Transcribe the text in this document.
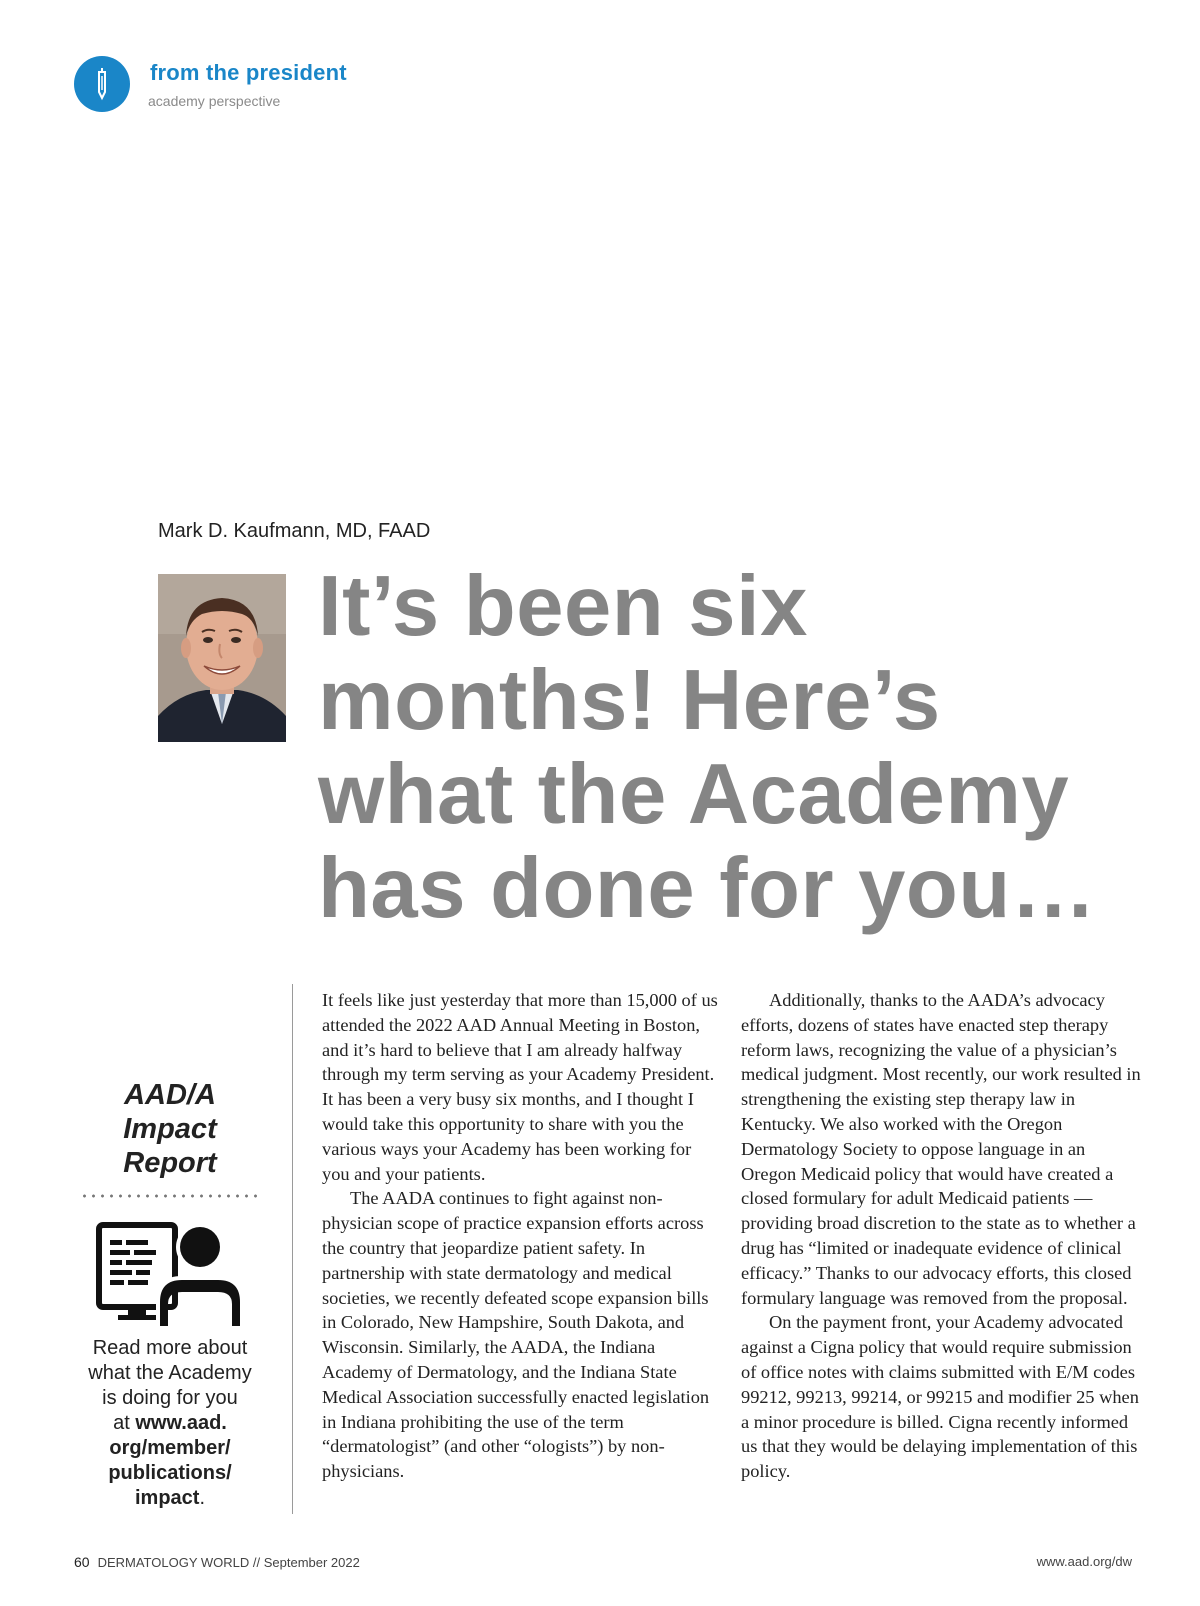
from the president
academy perspective
Mark D. Kaufmann, MD, FAAD
It’s been six
months! Here’s
what the Academy
has done for you…
AAD/A
Impact
Report
Read more about
what the Academy
is doing for you
at www.aad.
org/member/
publications/
impact.

It feels like just yesterday that more than 15,000 of us attended the 2022 AAD Annual Meeting in Boston, and it’s hard to believe that I am already halfway through my term serving as your Academy President. It has been a very busy six months, and I thought I would take this opportunity to share with you the various ways your Academy has been working for you and your patients.

The AADA continues to fight against non-physician scope of practice expansion efforts across the country that jeopardize patient safety. In partnership with state dermatology and medical societies, we recently defeated scope expansion bills in Colorado, New Hampshire, South Dakota, and Wisconsin. Similarly, the AADA, the Indiana Academy of Dermatology, and the Indiana State Medical Association successfully enacted legislation in Indiana prohibiting the use of the term “dermatologist” (and other “ologists”) by non-physicians.

Additionally, thanks to the AADA’s advocacy efforts, dozens of states have enacted step therapy reform laws, recognizing the value of a physician’s medical judgment. Most recently, our work resulted in strengthening the existing step therapy law in Kentucky. We also worked with the Oregon Dermatology Society to oppose language in an Oregon Medicaid policy that would have created a closed formulary for adult Medicaid patients — providing broad discretion to the state as to whether a drug has “limited or inadequate evidence of clinical efficacy.” Thanks to our advocacy efforts, this closed formulary language was removed from the proposal.

On the payment front, your Academy advocated against a Cigna policy that would require submission of office notes with claims submitted with E/M codes 99212, 99213, 99214, or 99215 and modifier 25 when a minor procedure is billed. Cigna recently informed us that they would be delaying implementation of this policy.

60 DERMATOLOGY WORLD // September 2022	www.aad.org/dw
